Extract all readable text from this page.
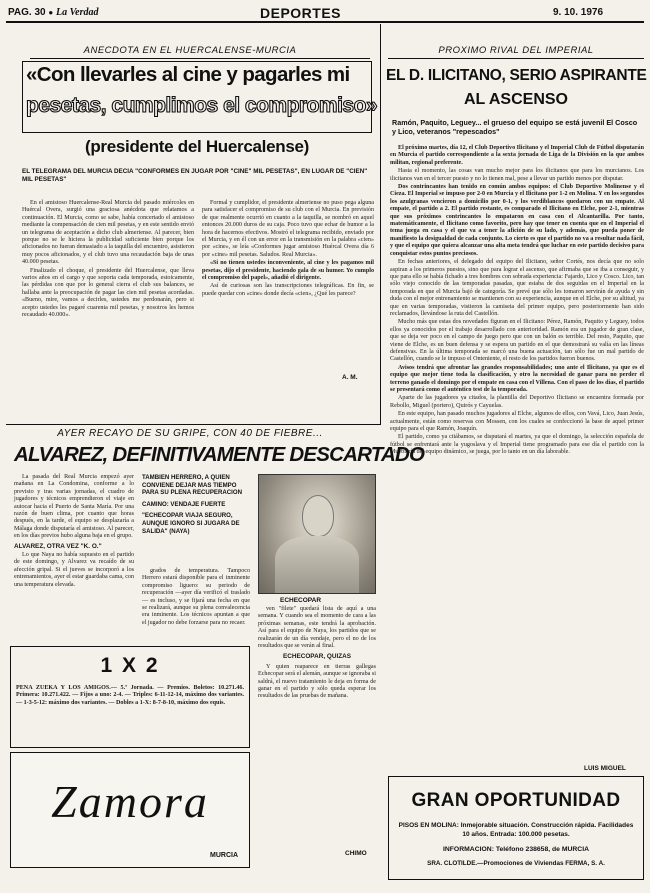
PAG. 30 ● La Verdad	DEPORTES	9. 10. 1976
ANECDOTA EN EL HUERCALENSE-MURCIA
«Con llevarles al cine y pagarles mi
pesetas, cumplimos el compromiso»
(presidente del Huercalense)
EL TELEGRAMA DEL MURCIA DECIA "CONFORMES EN JUGAR POR "CINE" MIL PESETAS", EN LUGAR DE "CIEN" MIL PESETAS"

En el amistoso Huercalense-Real Murcia del pasado miércoles en Huércal Overa, surgió una graciosa anécdota que relatamos a continuación. El Murcia, como se sabe, había concertado el amistoso mediante la compensación de cien mil pesetas, y en este sentido envió un telegrama de aceptación a dicho club almeriense. Al parecer, bien porque no se le hiciera la publicidad suficiente bien porque los aficionados no fueran demasiado a la taquilla del encuentro, asistieron muy pocos aficionados, y el club tuvo una recaudación baja de unas 40.000 pesetas.

Finalizado el choque, el presidente del Huercalense, que lleva varios años en el cargo y que soporta cada temporada, estoicamente, las pérdidas con que por lo general cierra el club sus balances, se hallaba ante la preocupación de pagar las cien mil pesetas acordadas. «Bueno, mire, vamos a decirles, ustedes me perdonarán, pero si acepto ustedes les pagaré cuarenta mil pesetas, y nosotros les hemos recaudado 40.000».

Formal y cumplidor, el presidente almeriense no puso pega alguna para satisfacer el compromiso de su club con el Murcia. En previsión de que realmente ocurrió en cuanto a la taquilla, se nombró en aquel entonces 20.000 duros de su caja. Poco tuvo que echar de humor a la hora de hacernos efectivos. Mostró el telegrama recibido, enviado por el Murcia, y en él con un error en la transmisión en la palabra «cien» por «cine», se leía «Conformes jugar amistoso Huércal Overa día 6 por «cine» mil pesetas. Saludos. Real Murcia».

«Si no tienen ustedes inconveniente, al cine y les pagamos mil pesetas, dijo el presidente, haciendo gala de su humor. Yo cumplo el compromiso del papel», añadió el dirigente.

Así de curiosas son las transcripciones telegráficas. En fin, se puede quedar con «cine» donde decía «cien», ¿Qué les parece?

A. M.
PROXIMO RIVAL DEL IMPERIAL
EL D. ILICITANO, SERIO ASPIRANTE
AL ASCENSO
Ramón, Paquito, Leguey... el grueso del equipo se está juvenil El Cosco y Lico, veteranos "repescados"

El próximo martes, día 12, el Club Deportivo Ilicitano y el Imperial Club de Fútbol disputarán en Murcia el partido correspondiente a la sexta jornada de Liga de la División en la que ambos militan, regional preferente.

Hasta el momento, las cosas van mucho mejor para los ilicitanos que para los murcianos. Los ilicitanos van en el tercer puesto y no lo tienen mal, pese a llevar un partido menos por disputar.

Dos contrincantes han tenido en común ambos equipos: el Club Deportivo Molinense y el Cieza. El Imperial se impuso por 2-0 en Murcia y el Ilicitano por 1-2 en Molina. Y en los segundos los azulgranas vencieron a domicilio por 0-1, y los verdiblancos quedaron con un empate. Al empate, el partido a 2. El partido restante, es comparado el Ilicitano en Elche, por 2-1, mientras que sus próximos contrincantes lo empataron en casa con el Alcantarilla. Por tanto, matemáticamente, el Ilicitano como favorito, pero hay que tener en cuenta que en el Imperial el tema juega en casa y el que va a tener la afición de su lado, y además, que pueda poner de manifiesto la desigualdad de cada conjunto. Lo cierto es que el partido no va a resultar nada fácil, y que el equipo que quiera alcanzar una alta meta tendrá que luchar en este partido decisivo para conquistar estos puntos preciosos.

En fechas anteriores, el delegado del equipo del Ilicitano, señor Cortés, nos decía que no solo aspiran a los primeros puestos, sino que para lograr el ascenso, que afirmaba que se iba a conseguir, y que para ello se había fichado a tres hombres con sobrada experiencia: Fajardo, Lico y Cosco. Lico, tan sólo viejo conocido de las temporadas pasadas, que estaba de dos seguidas en el Imperial en la temporada en que el Murcia bajó de categoría. Se prevé que sólo les tomaron servirán de ayuda y sin duda con el mejor entrenamiento se mantienen con su experiencia, aunque en el Elche, por su altitud, ya que en varias temporadas, vistieron la camiseta del primer equipo, pero posteriormente han sido reclamados, llevándose la ruta del Castellón.

Mucho más que estas dos novedades figuran en el Ilicitano: Pérez, Ramón, Paquito y Leguey, todos ellos ya conocidos por el trabajo desarrollado con anterioridad. Ramón era un jugador de gran clase, que se deja ver poco en el campo de juego pero que con un balón es terrible. Del resto, Paquito, que viene de Elche, es un buen defensa y se espera un partido en el que demostrará su valía en las líneas defensivas. En la última temporada se marcó una buena actuación, tan sólo fue un mal partido de Castellón, cuando se le impuso el Onteniente, el resto de los partidos fueron buenos.

Avisos tendrá que afrontar las grandes responsabilidades; uno ante el Ilicitano, ya que es el equipo que mejor tiene toda la clasificación, y otro la necesidad de ganar para no perder el terreno ganado el domingo por el empate en casa con el Villena. Con el paso de los días, el partido se presentará como el auténtico test de la temporada.

Aparte de las jugadores ya citados, la plantilla del Deportivo Ilicitano se encuentra formada por Rebollo, Miguel (portero), Quirós y Cayuelas.

En este equipo, han pasado muchos jugadores al Elche, algunos de ellos, con Vavá, Lico, Juan Jesús, actualmente, están como reservas con Mossen, con los cuales se confeccionó la base de aquel primer equipo para el que Ramón, Joaquín.

El partido, como ya citábamos, se disputará el martes, ya que el domingo, la selección española de fútbol se enfrentará ante la yugoslava y el Imperial tiene programado para ese día el partido con la Mueblería del equipo dinámico, se juega, por lo tanto en un día laborable.

LUIS MIGUEL
AYER RECAYO DE SU GRIPE, CON 40 DE FIEBRE...
ALVAREZ, DEFINITIVAMENTE DESCARTADO

La pasada del Real Murcia empezó ayer mañana en La Condomina, conforme a lo previsto y tras varias jornadas, el cuadro de jugadores y técnicos emprendieron el viaje en autocar hacia el Puerto de Santa María. Por una razón de buen clima, por cuanto que horas después, en la tarde, el equipo se desplazaría a Málaga donde disputaría el amistoso. Al parecer, en los días previos hubo alguna baja en el grupo.

ALVAREZ, OTRA VEZ "K. O."

Lo que Naya no había supuesto en el partido de este domingo, y Alvarez va recaído de su afección gripal. Si el jueves se incorporó a los entrenamientos, ayer el estar guardaba cama, con una temperatura elevada.

TAMBIEN HERRERO, A QUIEN CONVIENE DEJAR MAS TIEMPO PARA SU PLENA RECUPERACION
CAMINO: VENDAJE FUERTE
"ECHECOPAR VIAJA SEGURO, AUNQUE IGNORO SI JUGARA DE SALIDA" (NAYA)

grados de temperatura. Tampoco Herrero estará disponible para el inminente compromiso liguero: su periodo de recuperación —ayer día verificó el traslado— es incluso, y se fijará una fecha en que se realizará, aunque su plena convalecencia era inminente. Los técnicos apuntan a que el jugador no debe forzarse para no recaer.

ECHECOPAR

ven "filete" quedará lista de aquí a una semana. Y cuando sea el momento de cara a las próximas semanas, este tendrá la aprobación. Así para el equipo de Naya, los partidos que se realizarán de un día vendaje, pero el no de los resultados que se verán al final.

ECHECOPAR, QUIZAS

Y quien reaparece en tierras gallegas Echecopar será el alemán, aunque se ignoraba si saldrá, el nuevo tratamiento le deja en forma de ganar en el partido y sólo queda esperar los resultados de las pruebas de mañana.

CHIMO
1 X 2
PENA ZUEKA Y LOS AMIGOS.— 5.ª Jornada. — Premios. Boletos: 10.271.46. Primera: 10.271.422. — Fijos a uno: 2-4. — Triples: 6-11-12-14, máximo dos variantes. — 1-3-5-12: máximo dos variantes. — Dobles a 1-X: 8-7-8-10, máximo dos equis.
Zamora
MURCIA
GRAN OPORTUNIDAD
PISOS EN MOLINA: Inmejorable situación. Construcción rápida. Facilidades 10 años. Entrada: 100.000 pesetas.
INFORMACION: Teléfono 238658, de MURCIA
SRA. CLOTILDE.—Promociones de Viviendas FERMA, S. A.
